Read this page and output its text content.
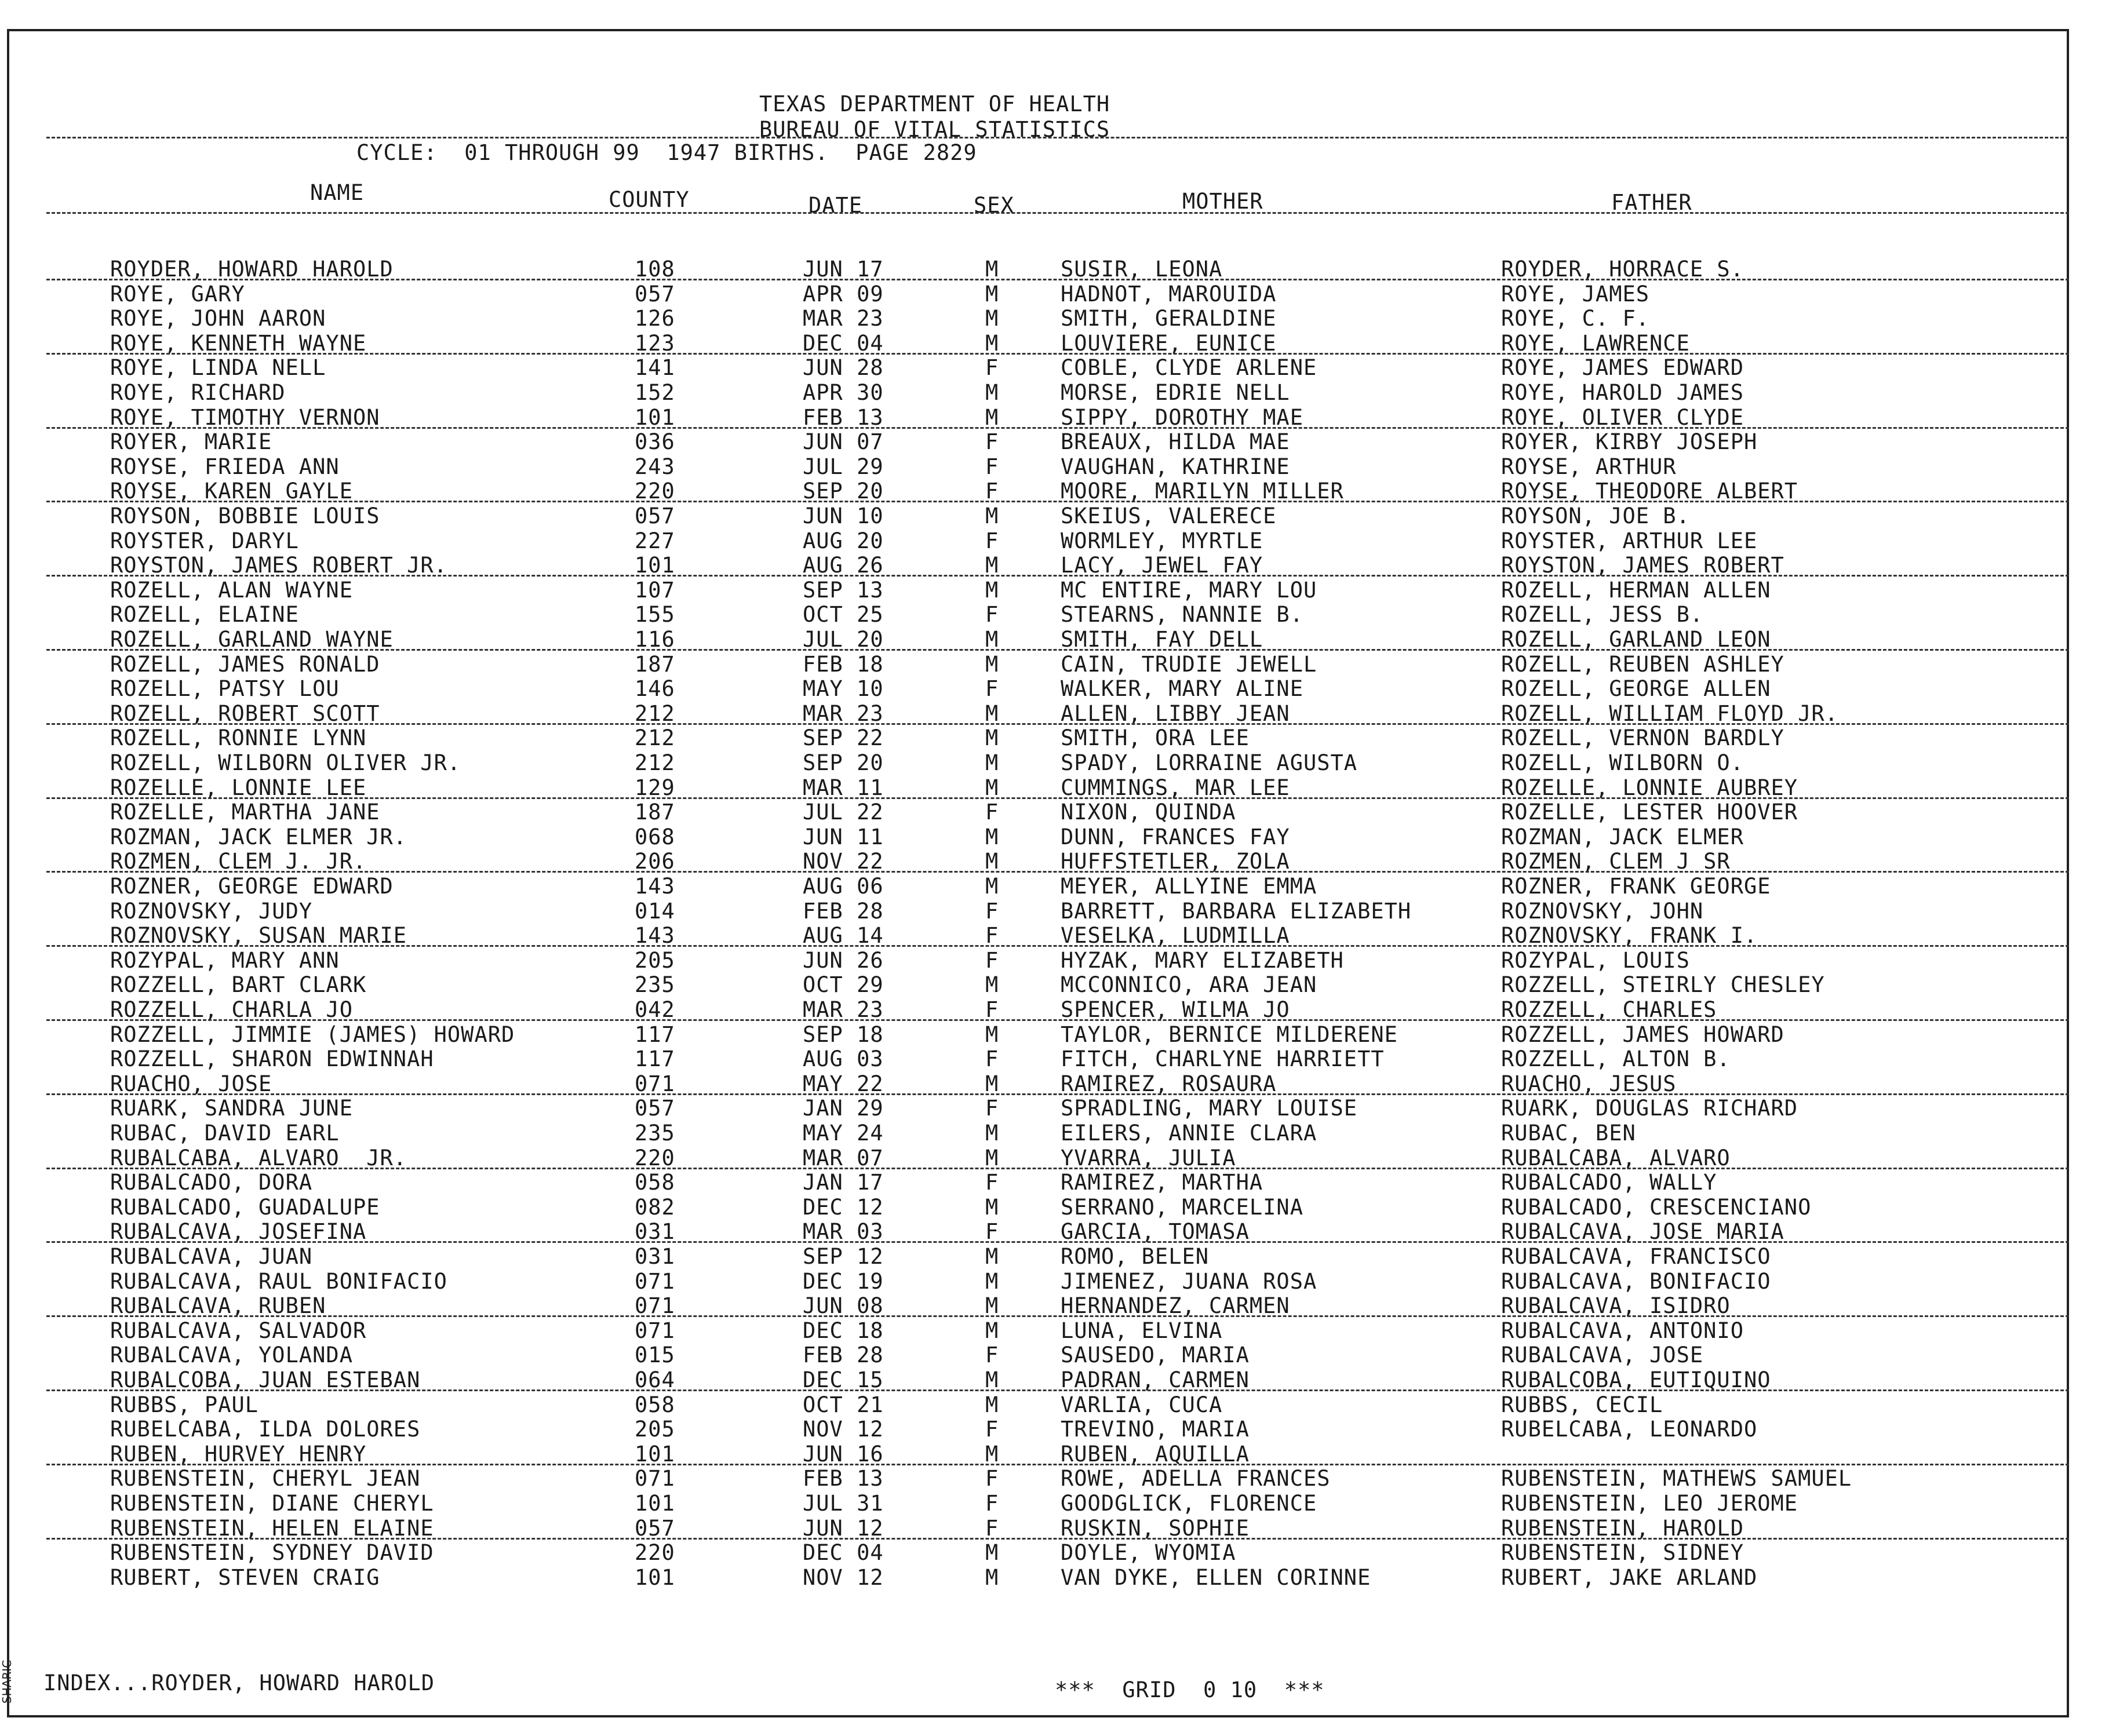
TEXAS DEPARTMENT OF HEALTH
BUREAU OF VITAL STATISTICS
CYCLE:  01 THROUGH 99  1947 BIRTHS.  PAGE 2829
NAME	COUNTY	DATE	SEX	MOTHER	FATHER
ROYDER, HOWARD HAROLD	108	JUN 17	M	SUSIR, LEONA	ROYDER, HORRACE S.
ROYE, GARY	057	APR 09	M	HADNOT, MAROUIDA	ROYE, JAMES
ROYE, JOHN AARON	126	MAR 23	M	SMITH, GERALDINE	ROYE, C. F.
ROYE, KENNETH WAYNE	123	DEC 04	M	LOUVIERE, EUNICE	ROYE, LAWRENCE
ROYE, LINDA NELL	141	JUN 28	F	COBLE, CLYDE ARLENE	ROYE, JAMES EDWARD
ROYE, RICHARD	152	APR 30	M	MORSE, EDRIE NELL	ROYE, HAROLD JAMES
ROYE, TIMOTHY VERNON	101	FEB 13	M	SIPPY, DOROTHY MAE	ROYE, OLIVER CLYDE
ROYER, MARIE	036	JUN 07	F	BREAUX, HILDA MAE	ROYER, KIRBY JOSEPH
ROYSE, FRIEDA ANN	243	JUL 29	F	VAUGHAN, KATHRINE	ROYSE, ARTHUR
ROYSE, KAREN GAYLE	220	SEP 20	F	MOORE, MARILYN MILLER	ROYSE, THEODORE ALBERT
ROYSON, BOBBIE LOUIS	057	JUN 10	M	SKEIUS, VALERECE	ROYSON, JOE B.
ROYSTER, DARYL	227	AUG 20	F	WORMLEY, MYRTLE	ROYSTER, ARTHUR LEE
ROYSTON, JAMES ROBERT JR.	101	AUG 26	M	LACY, JEWEL FAY	ROYSTON, JAMES ROBERT
ROZELL, ALAN WAYNE	107	SEP 13	M	MC ENTIRE, MARY LOU	ROZELL, HERMAN ALLEN
ROZELL, ELAINE	155	OCT 25	F	STEARNS, NANNIE B.	ROZELL, JESS B.
ROZELL, GARLAND WAYNE	116	JUL 20	M	SMITH, FAY DELL	ROZELL, GARLAND LEON
ROZELL, JAMES RONALD	187	FEB 18	M	CAIN, TRUDIE JEWELL	ROZELL, REUBEN ASHLEY
ROZELL, PATSY LOU	146	MAY 10	F	WALKER, MARY ALINE	ROZELL, GEORGE ALLEN
ROZELL, ROBERT SCOTT	212	MAR 23	M	ALLEN, LIBBY JEAN	ROZELL, WILLIAM FLOYD JR.
ROZELL, RONNIE LYNN	212	SEP 22	M	SMITH, ORA LEE	ROZELL, VERNON BARDLY
ROZELL, WILBORN OLIVER JR.	212	SEP 20	M	SPADY, LORRAINE AGUSTA	ROZELL, WILBORN O.
ROZELLE, LONNIE LEE	129	MAR 11	M	CUMMINGS, MAR LEE	ROZELLE, LONNIE AUBREY
ROZELLE, MARTHA JANE	187	JUL 22	F	NIXON, QUINDA	ROZELLE, LESTER HOOVER
ROZMAN, JACK ELMER JR.	068	JUN 11	M	DUNN, FRANCES FAY	ROZMAN, JACK ELMER
ROZMEN, CLEM J. JR.	206	NOV 22	M	HUFFSTETLER, ZOLA	ROZMEN, CLEM J SR
ROZNER, GEORGE EDWARD	143	AUG 06	M	MEYER, ALLYINE EMMA	ROZNER, FRANK GEORGE
ROZNOVSKY, JUDY	014	FEB 28	F	BARRETT, BARBARA ELIZABETH	ROZNOVSKY, JOHN
ROZNOVSKY, SUSAN MARIE	143	AUG 14	F	VESELKA, LUDMILLA	ROZNOVSKY, FRANK I.
ROZYPAL, MARY ANN	205	JUN 26	F	HYZAK, MARY ELIZABETH	ROZYPAL, LOUIS
ROZZELL, BART CLARK	235	OCT 29	M	MCCONNICO, ARA JEAN	ROZZELL, STEIRLY CHESLEY
ROZZELL, CHARLA JO	042	MAR 23	F	SPENCER, WILMA JO	ROZZELL, CHARLES
ROZZELL, JIMMIE (JAMES) HOWARD	117	SEP 18	M	TAYLOR, BERNICE MILDERENE	ROZZELL, JAMES HOWARD
ROZZELL, SHARON EDWINNAH	117	AUG 03	F	FITCH, CHARLYNE HARRIETT	ROZZELL, ALTON B.
RUACHO, JOSE	071	MAY 22	M	RAMIREZ, ROSAURA	RUACHO, JESUS
RUARK, SANDRA JUNE	057	JAN 29	F	SPRADLING, MARY LOUISE	RUARK, DOUGLAS RICHARD
RUBAC, DAVID EARL	235	MAY 24	M	EILERS, ANNIE CLARA	RUBAC, BEN
RUBALCABA, ALVARO  JR.	220	MAR 07	M	YVARRA, JULIA	RUBALCABA, ALVARO
RUBALCADO, DORA	058	JAN 17	F	RAMIREZ, MARTHA	RUBALCADO, WALLY
RUBALCADO, GUADALUPE	082	DEC 12	M	SERRANO, MARCELINA	RUBALCADO, CRESCENCIANO
RUBALCAVA, JOSEFINA	031	MAR 03	F	GARCIA, TOMASA	RUBALCAVA, JOSE MARIA
RUBALCAVA, JUAN	031	SEP 12	M	ROMO, BELEN	RUBALCAVA, FRANCISCO
RUBALCAVA, RAUL BONIFACIO	071	DEC 19	M	JIMENEZ, JUANA ROSA	RUBALCAVA, BONIFACIO
RUBALCAVA, RUBEN	071	JUN 08	M	HERNANDEZ, CARMEN	RUBALCAVA, ISIDRO
RUBALCAVA, SALVADOR	071	DEC 18	M	LUNA, ELVINA	RUBALCAVA, ANTONIO
RUBALCAVA, YOLANDA	015	FEB 28	F	SAUSEDO, MARIA	RUBALCAVA, JOSE
RUBALCOBA, JUAN ESTEBAN	064	DEC 15	M	PADRAN, CARMEN	RUBALCOBA, EUTIQUINO
RUBBS, PAUL	058	OCT 21	M	VARLIA, CUCA	RUBBS, CECIL
RUBELCABA, ILDA DOLORES	205	NOV 12	F	TREVINO, MARIA	RUBELCABA, LEONARDO
RUBEN, HURVEY HENRY	101	JUN 16	M	RUBEN, AQUILLA
RUBENSTEIN, CHERYL JEAN	071	FEB 13	F	ROWE, ADELLA FRANCES	RUBENSTEIN, MATHEWS SAMUEL
RUBENSTEIN, DIANE CHERYL	101	JUL 31	F	GOODGLICK, FLORENCE	RUBENSTEIN, LEO JEROME
RUBENSTEIN, HELEN ELAINE	057	JUN 12	F	RUSKIN, SOPHIE	RUBENSTEIN, HAROLD
RUBENSTEIN, SYDNEY DAVID	220	DEC 04	M	DOYLE, WYOMIA	RUBENSTEIN, SIDNEY
RUBERT, STEVEN CRAIG	101	NOV 12	M	VAN DYKE, ELLEN CORINNE	RUBERT, JAKE ARLAND
INDEX...ROYDER, HOWARD HAROLD	***  GRID  0 10  ***
SHARIC
